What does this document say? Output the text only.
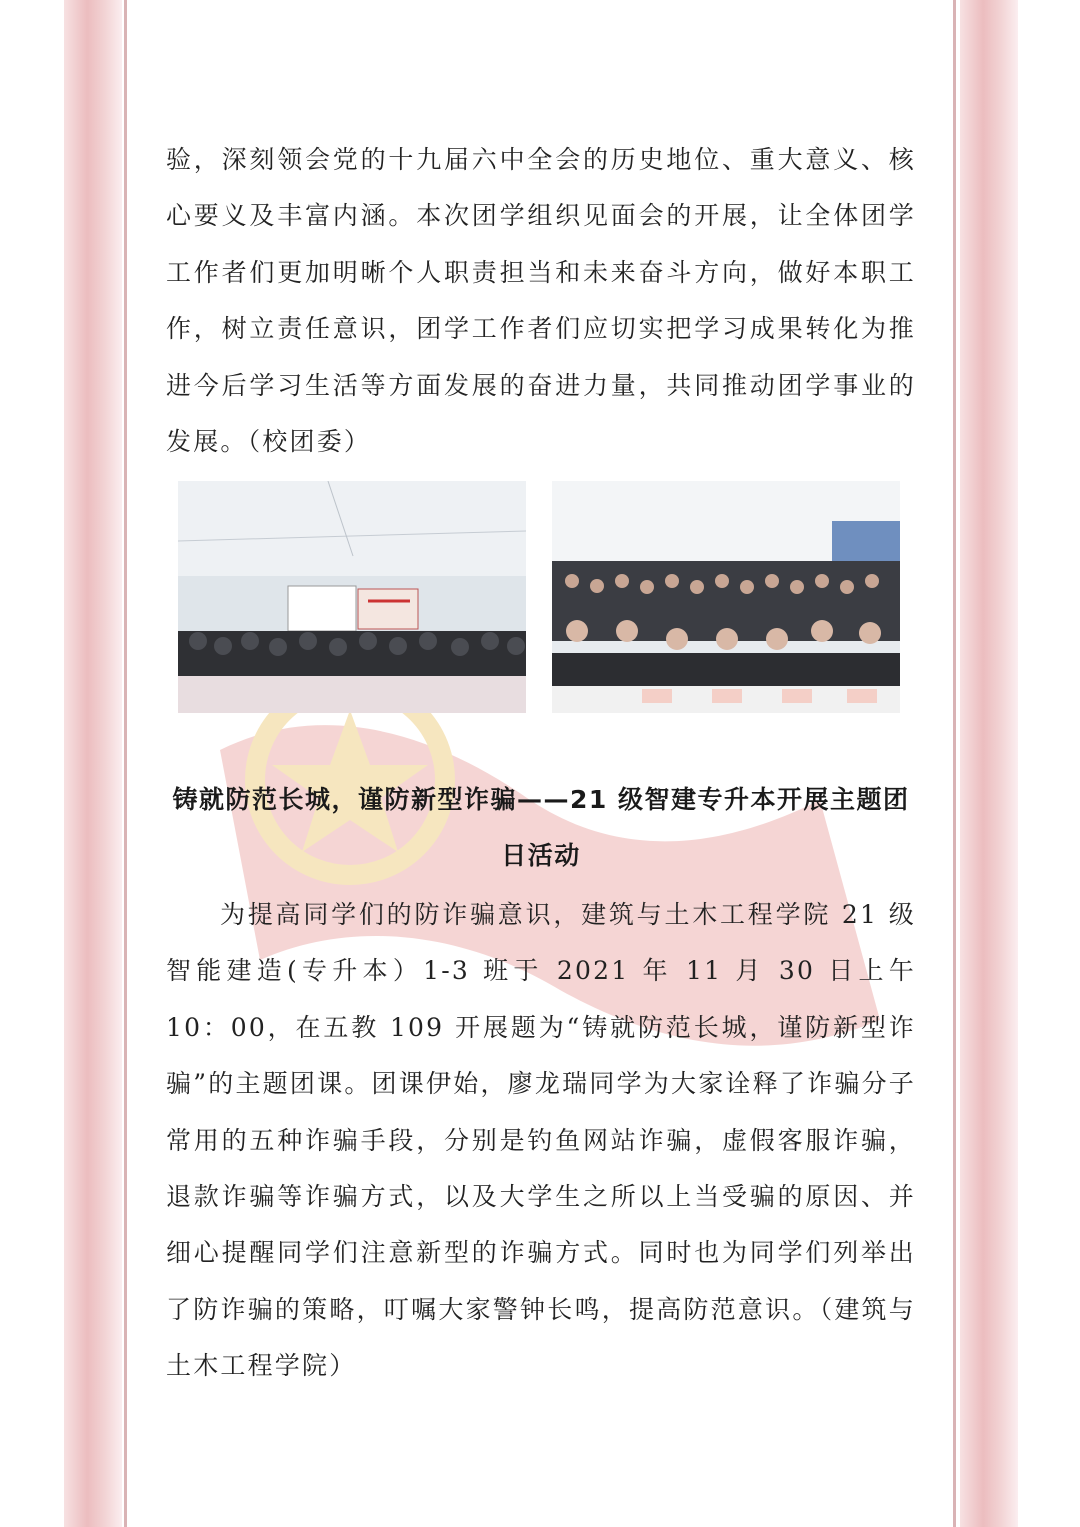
验，深刻领会党的十九届六中全会的历史地位、重大意义、核心要义及丰富内涵。本次团学组织见面会的开展，让全体团学工作者们更加明晰个人职责担当和未来奋斗方向，做好本职工作，树立责任意识，团学工作者们应切实把学习成果转化为推进今后学习生活等方面发展的奋进力量，共同推动团学事业的发展。（校团委）

铸就防范长城，谨防新型诈骗——21 级智建专升本开展主题团日活动

为提高同学们的防诈骗意识，建筑与土木工程学院 21 级智能建造(专升本）1-3 班于 2021 年 11 月 30 日上午 10：00，在五教 109 开展题为“铸就防范长城，谨防新型诈骗”的主题团课。团课伊始，廖龙瑞同学为大家诠释了诈骗分子常用的五种诈骗手段，分别是钓鱼网站诈骗，虚假客服诈骗，退款诈骗等诈骗方式，以及大学生之所以上当受骗的原因、并细心提醒同学们注意新型的诈骗方式。同时也为同学们列举出了防诈骗的策略，叮嘱大家警钟长鸣，提高防范意识。（建筑与土木工程学院）
